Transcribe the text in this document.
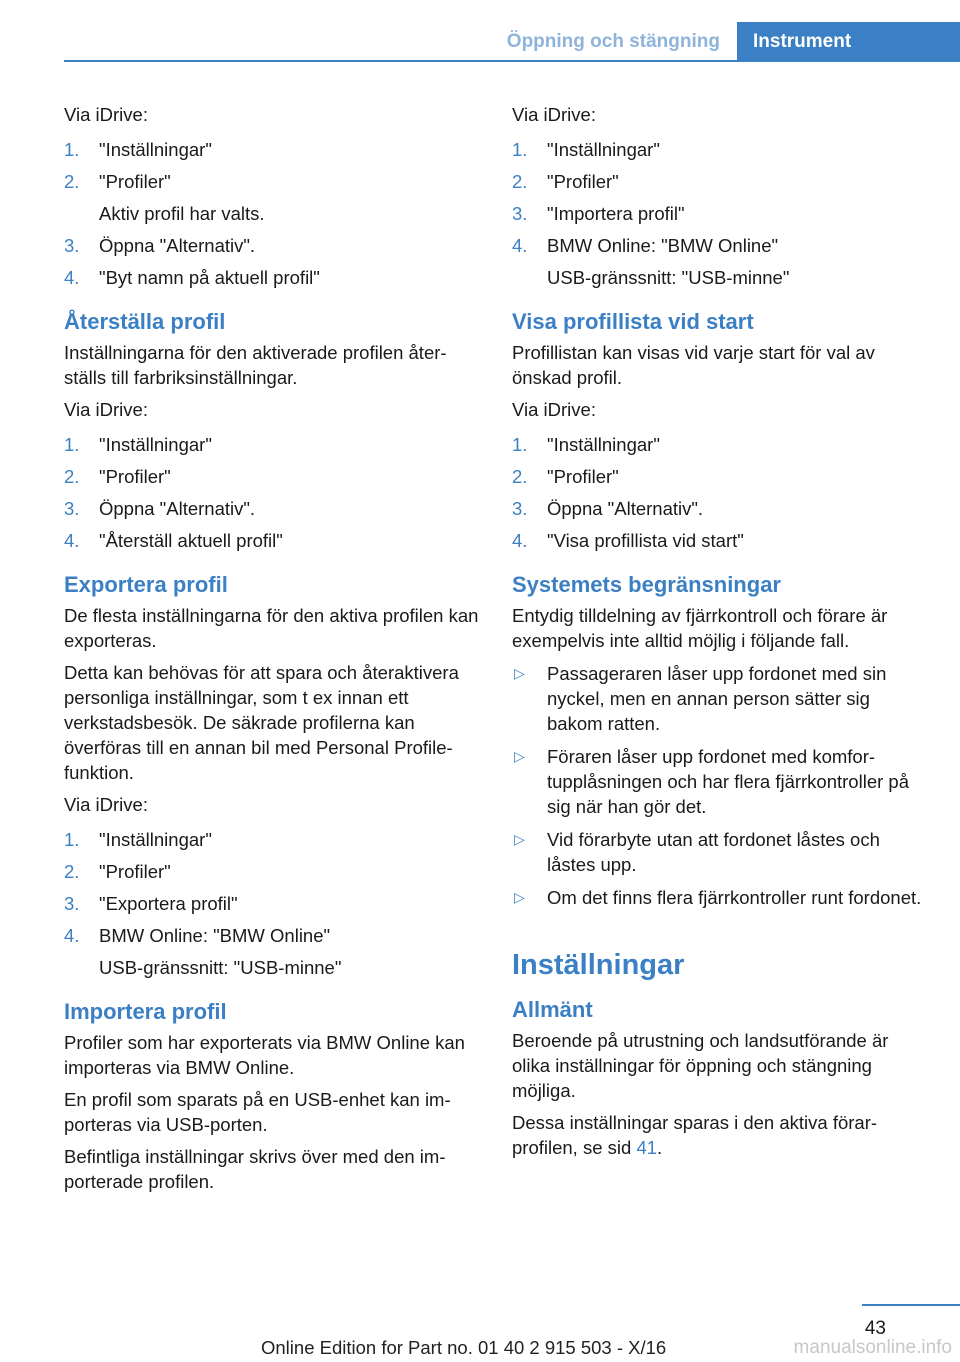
Öppning och stängning	Instrument

Via iDrive:

1. "Inställningar"
2. "Profiler"
Aktiv profil har valts.
3. Öppna "Alternativ".
4. "Byt namn på aktuell profil"
Återställa profil

Inställningarna för den aktiverade profilen återställs till farbriksinställningar.

Via iDrive:

1. "Inställningar"
2. "Profiler"
3. Öppna "Alternativ".
4. "Återställ aktuell profil"
Exportera profil

De flesta inställningarna för den aktiva profilen kan exporteras.

Detta kan behövas för att spara och återaktivera personliga inställningar, som t ex innan ett verkstadsbesök. De säkrade profilerna kan överföras till en annan bil med Personal Profile-funktion.

Via iDrive:

1. "Inställningar"
2. "Profiler"
3. "Exportera profil"
4. BMW Online: "BMW Online"
USB-gränssnitt: "USB-minne"
Importera profil

Profiler som har exporterats via BMW Online kan importeras via BMW Online.

En profil som sparats på en USB-enhet kan importeras via USB-porten.

Befintliga inställningar skrivs över med den importerade profilen.

Via iDrive:

1. "Inställningar"
2. "Profiler"
3. "Importera profil"
4. BMW Online: "BMW Online"
USB-gränssnitt: "USB-minne"
Visa profillista vid start

Profillistan kan visas vid varje start för val av önskad profil.

Via iDrive:

1. "Inställningar"
2. "Profiler"
3. Öppna "Alternativ".
4. "Visa profillista vid start"
Systemets begränsningar

Entydig tilldelning av fjärrkontroll och förare är exempelvis inte alltid möjlig i följande fall.

▷ Passageraren låser upp fordonet med sin nyckel, men en annan person sätter sig bakom ratten.
▷ Föraren låser upp fordonet med komfortupplåsningen och har flera fjärrkontroller på sig när han gör det.
▷ Vid förarbyte utan att fordonet låstes och låstes upp.
▷ Om det finns flera fjärrkontroller runt fordonet.
Inställningar
Allmänt

Beroende på utrustning och landsutförande är olika inställningar för öppning och stängning möjliga.

Dessa inställningar sparas i den aktiva förarprofilen, se sid 41.

43
Online Edition for Part no. 01 40 2 915 503 - X/16	manualsonline.info
